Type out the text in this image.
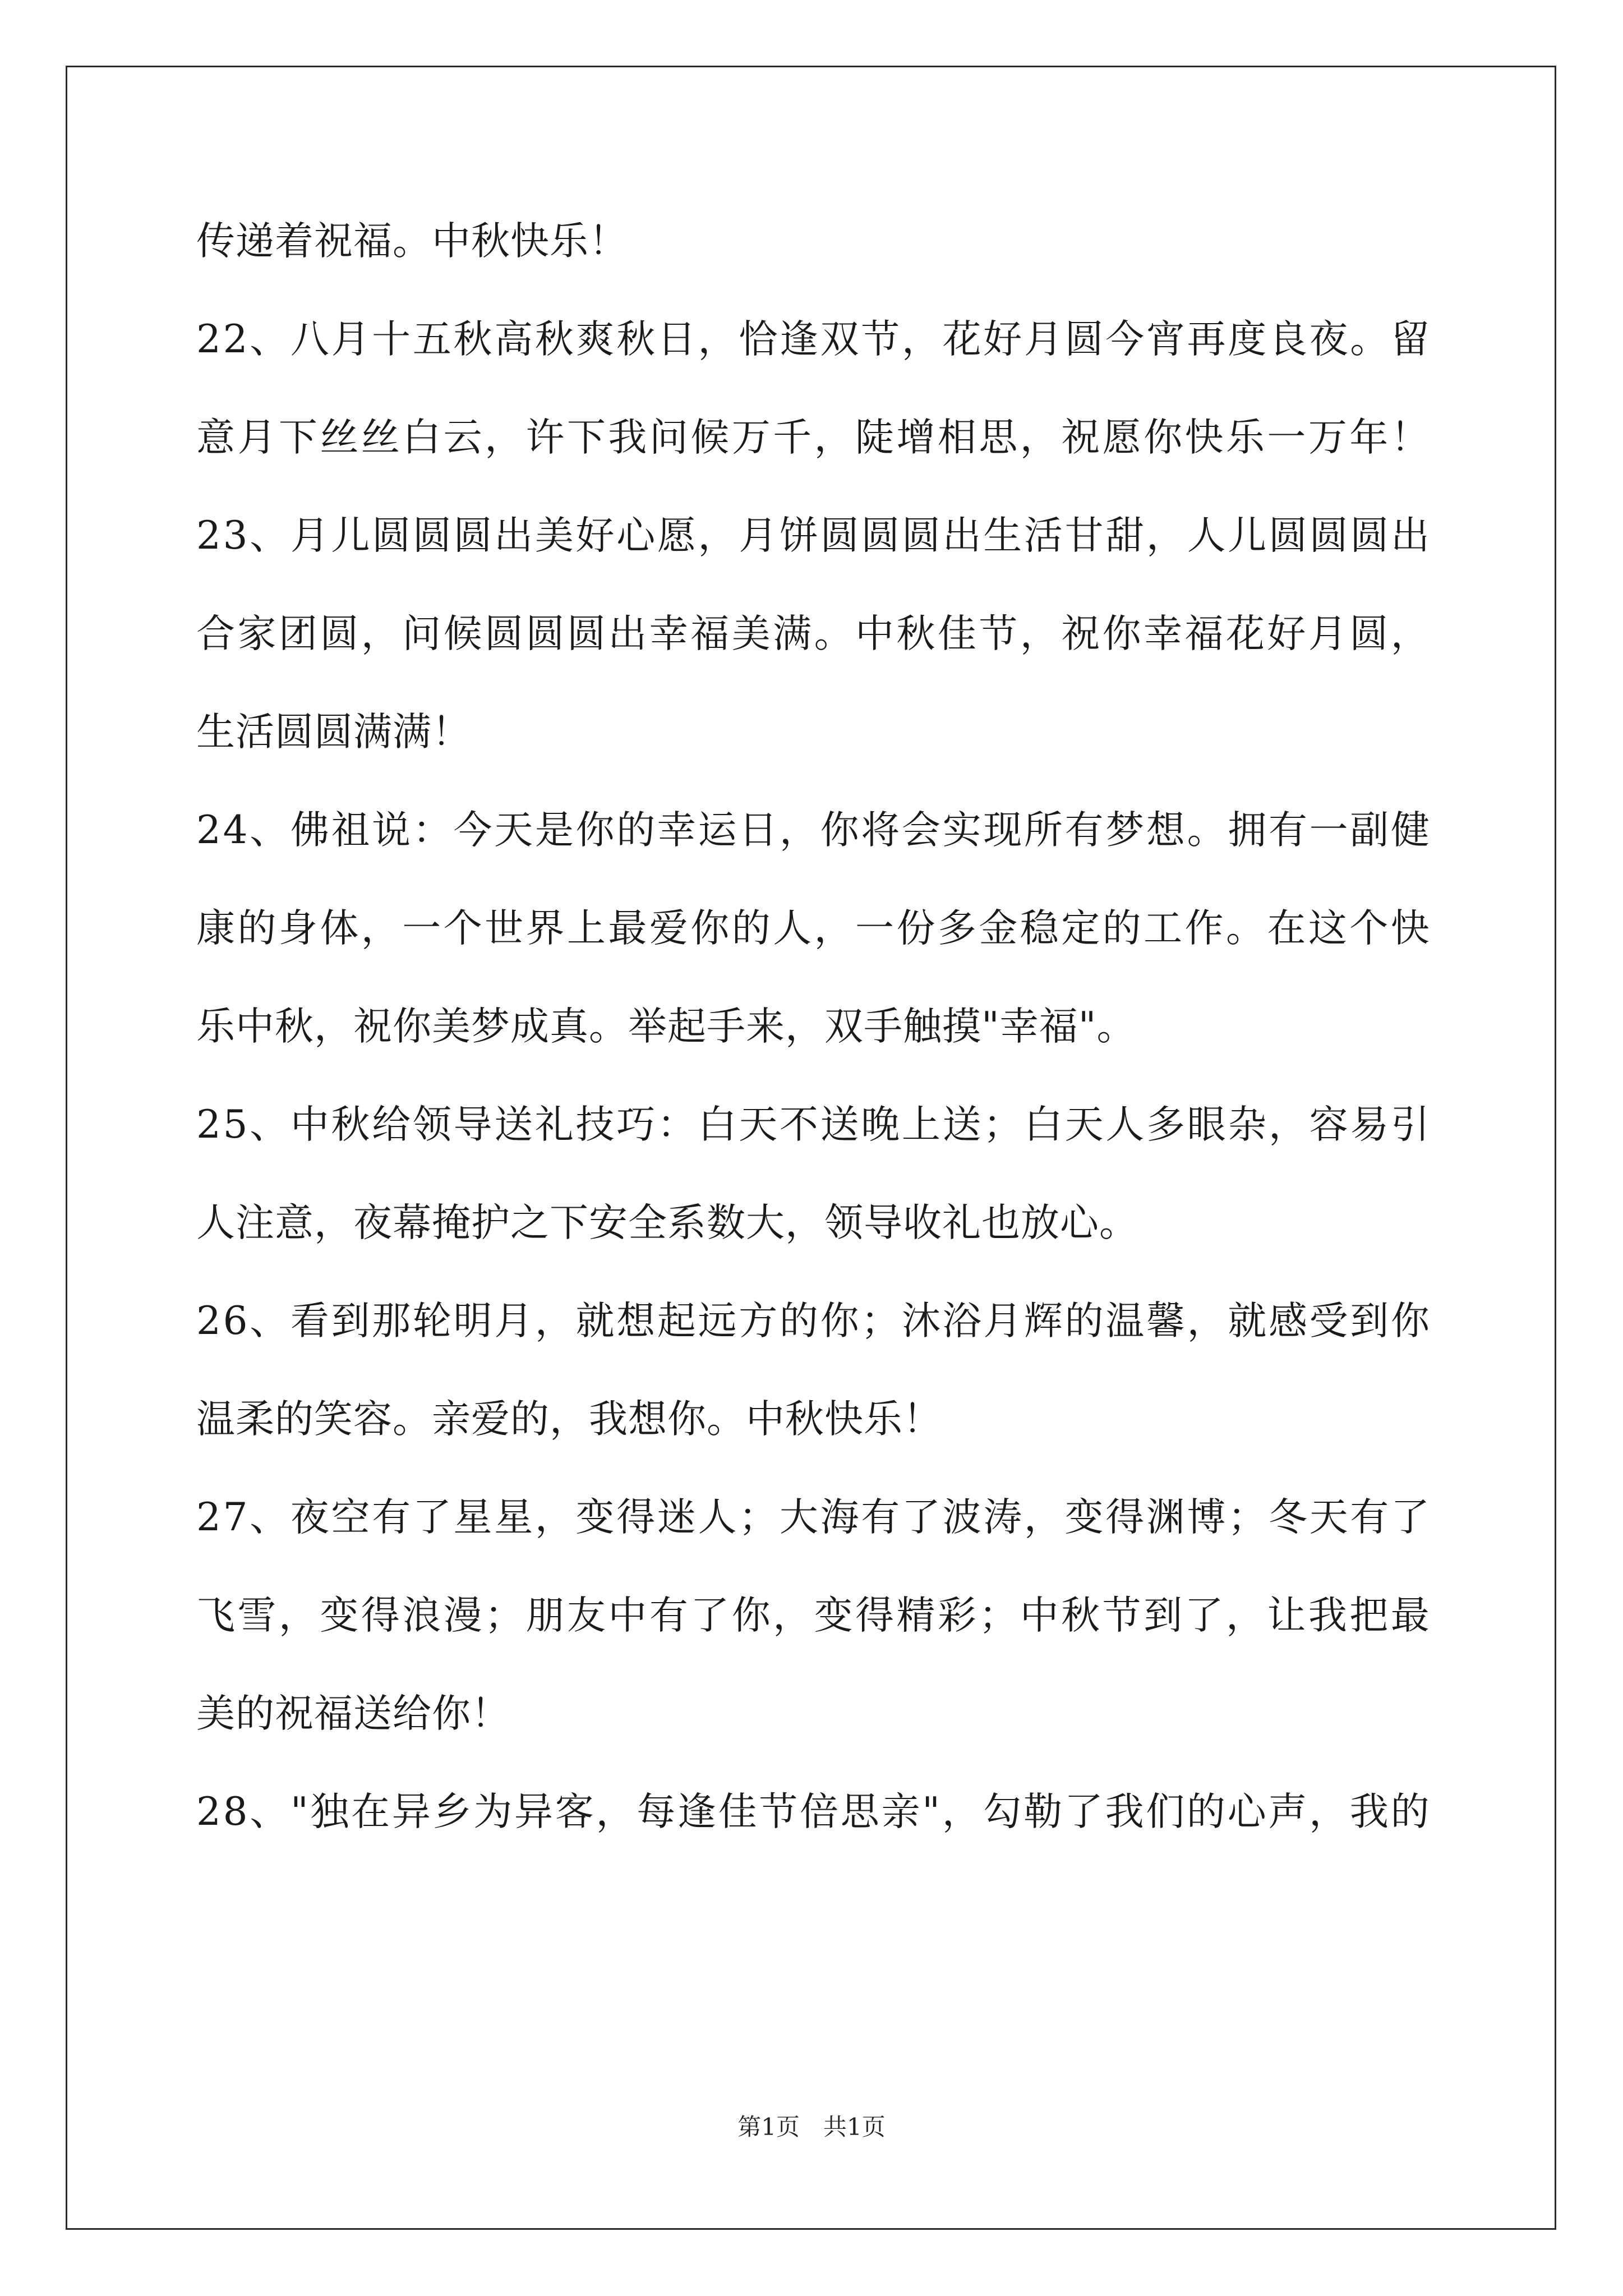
传递着祝福。中秋快乐！
2 2 、 八 月 十 五 秋 高 秋 爽 秋 日 ， 恰 逢 双 节 ， 花 好 月 圆 今 宵 再 度 良 夜 。 留
意 月 下 丝 丝 白 云 ， 许 下 我 问 候 万 千 ， 陡 增 相 思 ， 祝 愿 你 快 乐 一 万 年 ！
2 3 、 月 儿 圆 圆 圆 出 美 好 心 愿 ， 月 饼 圆 圆 圆 出 生 活 甘 甜 ， 人 儿 圆 圆 圆 出
合 家 团 圆 ， 问 候 圆 圆 圆 出 幸 福 美 满 。 中 秋 佳 节 ， 祝 你 幸 福 花 好 月 圆 ，
生活圆圆满满！
2 4 、 佛 祖 说 ： 今 天 是 你 的 幸 运 日 ， 你 将 会 实 现 所 有 梦 想 。 拥 有 一 副 健
康 的 身 体 ， 一 个 世 界 上 最 爱 你 的 人 ， 一 份 多 金 稳 定 的 工 作 。 在 这 个 快
乐中秋，祝你美梦成真。举起手来，双手触摸"幸福"。
2 5 、 中 秋 给 领 导 送 礼 技 巧 ： 白 天 不 送 晚 上 送 ； 白 天 人 多 眼 杂 ， 容 易 引
人注意，夜幕掩护之下安全系数大，领导收礼也放心。
2 6 、 看 到 那 轮 明 月 ， 就 想 起 远 方 的 你 ； 沐 浴 月 辉 的 温 馨 ， 就 感 受 到 你
温柔的笑容。亲爱的，我想你。中秋快乐！
2 7 、 夜 空 有 了 星 星 ， 变 得 迷 人 ； 大 海 有 了 波 涛 ， 变 得 渊 博 ； 冬 天 有 了
飞 雪 ， 变 得 浪 漫 ； 朋 友 中 有 了 你 ， 变 得 精 彩 ； 中 秋 节 到 了 ， 让 我 把 最
美的祝福送给你！
2 8 、 " 独 在 异 乡 为 异 客 ， 每 逢 佳 节 倍 思 亲 " ， 勾 勒 了 我 们 的 心 声 ， 我 的
第1页　共1页
